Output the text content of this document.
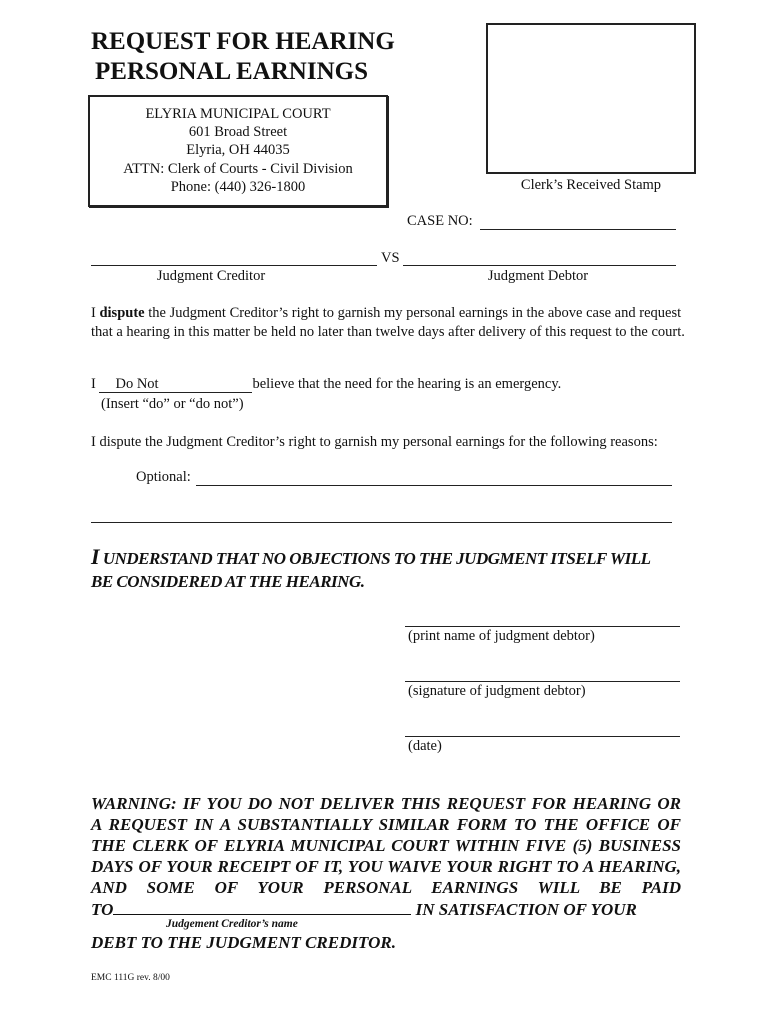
REQUEST FOR HEARING
PERSONAL EARNINGS
ELYRIA MUNICIPAL COURT
601 Broad Street
Elyria, OH 44035
ATTN: Clerk of Courts - Civil Division
Phone: (440) 326-1800	Clerk’s Received Stamp
CASE NO:
VS
Judgment Creditor	Judgment Debtor
I dispute the Judgment Creditor’s right to garnish my personal earnings in the above case and request that a hearing in this matter be held no later than twelve days after delivery of this request to the court.
I Do Not	believe that the need for the hearing is an emergency.
(Insert “do” or “do not”)
I dispute the Judgment Creditor’s right to garnish my personal earnings for the following reasons:
Optional:
I UNDERSTAND THAT NO OBJECTIONS TO THE JUDGMENT ITSELF WILL
BE CONSIDERED AT THE HEARING.
(print name of judgment debtor)
(signature of judgment debtor)
(date)
WARNING: IF YOU DO NOT DELIVER THIS REQUEST FOR HEARING OR
A REQUEST IN A SUBSTANTIALLY SIMILAR FORM TO THE OFFICE OF
THE CLERK OF ELYRIA MUNICIPAL COURT WITHIN FIVE (5) BUSINESS
DAYS OF YOUR RECEIPT OF IT, YOU WAIVE YOUR RIGHT TO A HEARING,
AND SOME OF YOUR PERSONAL EARNINGS WILL BE PAID
TO	IN SATISFACTION OF YOUR
Judgement Creditor’s name
DEBT TO THE JUDGMENT CREDITOR.
EMC 111G rev. 8/00
